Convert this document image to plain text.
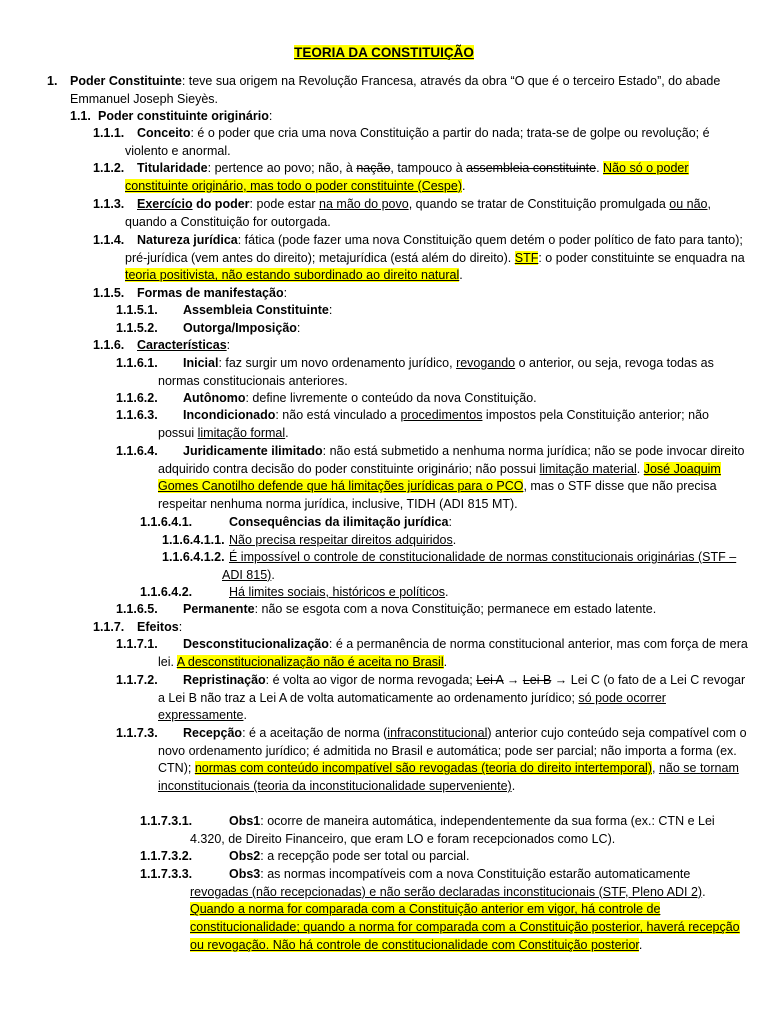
TEORIA DA CONSTITUIÇÃO
1. Poder Constituinte: teve sua origem na Revolução Francesa, através da obra “O que é o terceiro Estado”, do abade Emmanuel Joseph Sieyès.
1.1. Poder constituinte originário:
1.1.1.	Conceito: é o poder que cria uma nova Constituição a partir do nada; trata-se de golpe ou revolução; é violento e anormal.
1.1.2.	Titularidade: pertence ao povo; não, à nação, tampouco à assembleia constituinte. Não só o poder constituinte originário, mas todo o poder constituinte (Cespe).
1.1.3.	Exercício do poder: pode estar na mão do povo, quando se tratar de Constituição promulgada ou não, quando a Constituição for outorgada.
1.1.4.	Natureza jurídica: fática (pode fazer uma nova Constituição quem detém o poder político de fato para tanto); pré-jurídica (vem antes do direito); metajurídica (está além do direito). STF: o poder constituinte se enquadra na teoria positivista, não estando subordinado ao direito natural.
1.1.5.	Formas de manifestação:
1.1.5.1. Assembleia Constituinte:
1.1.5.2. Outorga/Imposição:
1.1.6.	Características:
1.1.6.1.	Inicial: faz surgir um novo ordenamento jurídico, revogando o anterior, ou seja, revoga todas as normas constitucionais anteriores.
1.1.6.2.	Autônomo: define livremente o conteúdo da nova Constituição.
1.1.6.3.	Incondicionado: não está vinculado a procedimentos impostos pela Constituição anterior; não possui limitação formal.
1.1.6.4.	Juridicamente ilimitado: não está submetido a nenhuma norma jurídica; não se pode invocar direito adquirido contra decisão do poder constituinte originário; não possui limitação material. José Joaquim Gomes Canotilho defende que há limitações jurídicas para o PCO, mas o STF disse que não precisa respeitar nenhuma norma jurídica, inclusive, TIDH (ADI 815 MT).
1.1.6.4.1.	Consequências da ilimitação jurídica:
1.1.6.4.1.1. Não precisa respeitar direitos adquiridos.
1.1.6.4.1.2. É impossível o controle de constitucionalidade de normas constitucionais originárias (STF – ADI 815).
1.1.6.4.2.	Há limites sociais, históricos e políticos.
1.1.6.5. Permanente: não se esgota com a nova Constituição; permanece em estado latente.
1.1.7. Efeitos:
1.1.7.1.	Desconstitucionalização: é a permanência de norma constitucional anterior, mas com força de mera lei. A desconstitucionalização não é aceita no Brasil.
1.1.7.2.	Repristinação: é volta ao vigor de norma revogada; Lei A → Lei B → Lei C (o fato de a Lei C revogar a Lei B não traz a Lei A de volta automaticamente ao ordenamento jurídico; só pode ocorrer expressamente.
1.1.7.3.	Recepção: é a aceitação de norma (infraconstitucional) anterior cujo conteúdo seja compatível com o novo ordenamento jurídico; é admitida no Brasil e automática; pode ser parcial; não importa a forma (ex. CTN); normas com conteúdo incompatível são revogadas (teoria do direito intertemporal), não se tornam inconstitucionais (teoria da inconstitucionalidade superveniente).
1.1.7.3.1.	Obs1: ocorre de maneira automática, independentemente da sua forma (ex.: CTN e Lei 4.320, de Direito Financeiro, que eram LO e foram recepcionados como LC).
1.1.7.3.2.	Obs2: a recepção pode ser total ou parcial.
1.1.7.3.3.	Obs3: as normas incompatíveis com a nova Constituição estarão automaticamente revogadas (não recepcionadas) e não serão declaradas inconstitucionais (STF, Pleno ADI 2). Quando a norma for comparada com a Constituição anterior em vigor, há controle de constitucionalidade; quando a norma for comparada com a Constituição posterior, haverá recepção ou revogação. Não há controle de constitucionalidade com Constituição posterior.
